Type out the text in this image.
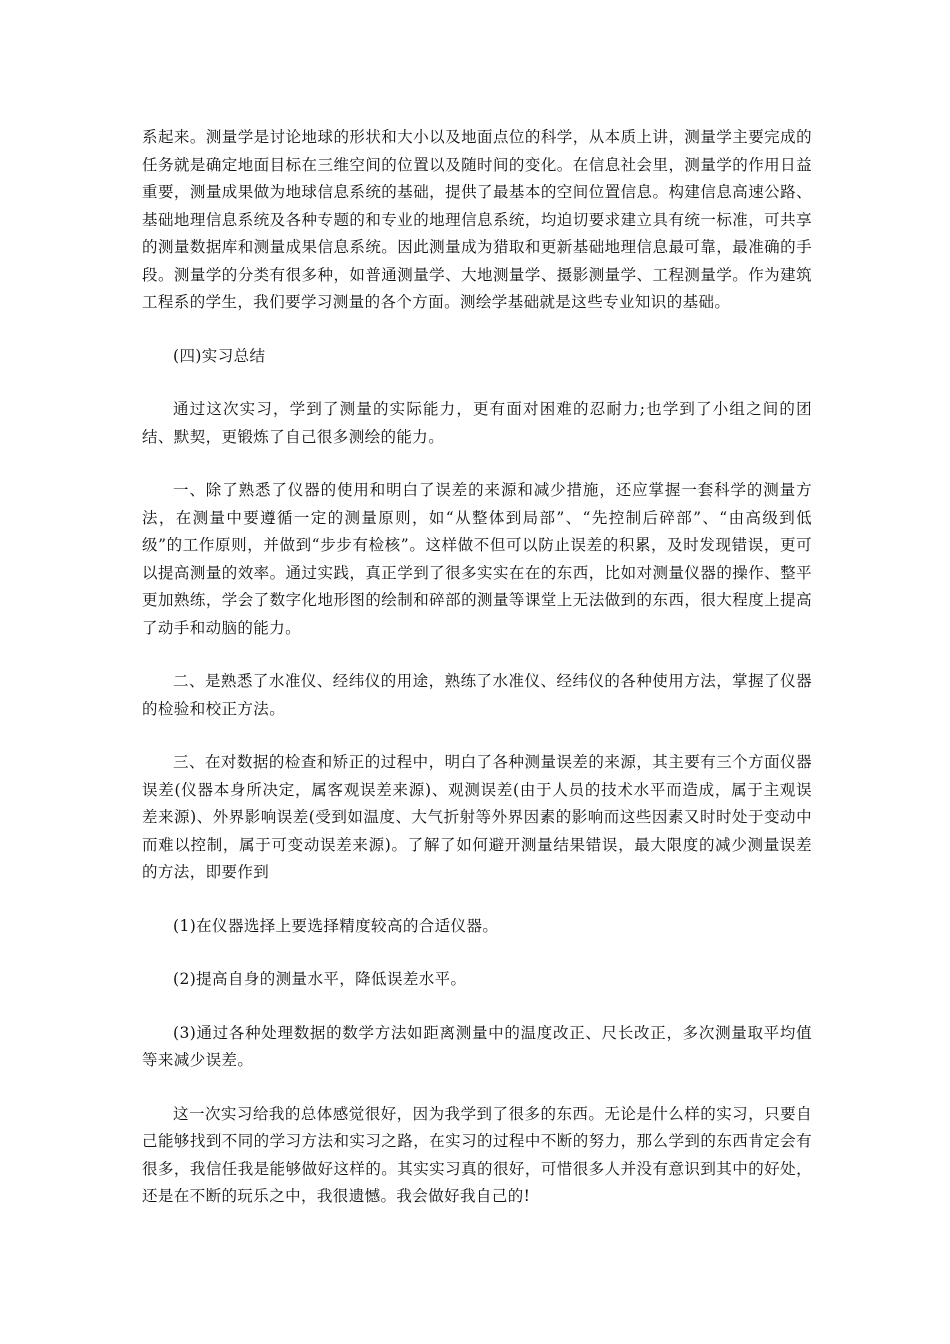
系起来。测量学是讨论地球的形状和大小以及地面点位的科学，从本质上讲，测量学主要完成的任务就是确定地面目标在三维空间的位置以及随时间的变化。在信息社会里，测量学的作用日益重要，测量成果做为地球信息系统的基础，提供了最基本的空间位置信息。构建信息高速公路、基础地理信息系统及各种专题的和专业的地理信息系统，均迫切要求建立具有统一标准，可共享的测量数据库和测量成果信息系统。因此测量成为猎取和更新基础地理信息最可靠，最准确的手段。测量学的分类有很多种，如普通测量学、大地测量学、摄影测量学、工程测量学。作为建筑工程系的学生，我们要学习测量的各个方面。测绘学基础就是这些专业知识的基础。

(四)实习总结

通过这次实习，学到了测量的实际能力，更有面对困难的忍耐力;也学到了小组之间的团结、默契，更锻炼了自己很多测绘的能力。

一、除了熟悉了仪器的使用和明白了误差的来源和减少措施，还应掌握一套科学的测量方法，在测量中要遵循一定的测量原则，如“从整体到局部”、“先控制后碎部”、“由高级到低级”的工作原则，并做到“步步有检核”。这样做不但可以防止误差的积累，及时发现错误，更可以提高测量的效率。通过实践，真正学到了很多实实在在的东西，比如对测量仪器的操作、整平更加熟练，学会了数字化地形图的绘制和碎部的测量等课堂上无法做到的东西，很大程度上提高了动手和动脑的能力。

二、是熟悉了水准仪、经纬仪的用途，熟练了水准仪、经纬仪的各种使用方法，掌握了仪器的检验和校正方法。

三、在对数据的检查和矫正的过程中，明白了各种测量误差的来源，其主要有三个方面仪器误差(仪器本身所决定，属客观误差来源)、观测误差(由于人员的技术水平而造成，属于主观误差来源)、外界影响误差(受到如温度、大气折射等外界因素的影响而这些因素又时时处于变动中而难以控制，属于可变动误差来源)。了解了如何避开测量结果错误，最大限度的减少测量误差的方法，即要作到

(1)在仪器选择上要选择精度较高的合适仪器。

(2)提高自身的测量水平，降低误差水平。

(3)通过各种处理数据的数学方法如距离测量中的温度改正、尺长改正，多次测量取平均值等来减少误差。

这一次实习给我的总体感觉很好，因为我学到了很多的东西。无论是什么样的实习，只要自己能够找到不同的学习方法和实习之路，在实习的过程中不断的努力，那么学到的东西肯定会有很多，我信任我是能够做好这样的。其实实习真的很好，可惜很多人并没有意识到其中的好处，还是在不断的玩乐之中，我很遗憾。我会做好我自己的!
